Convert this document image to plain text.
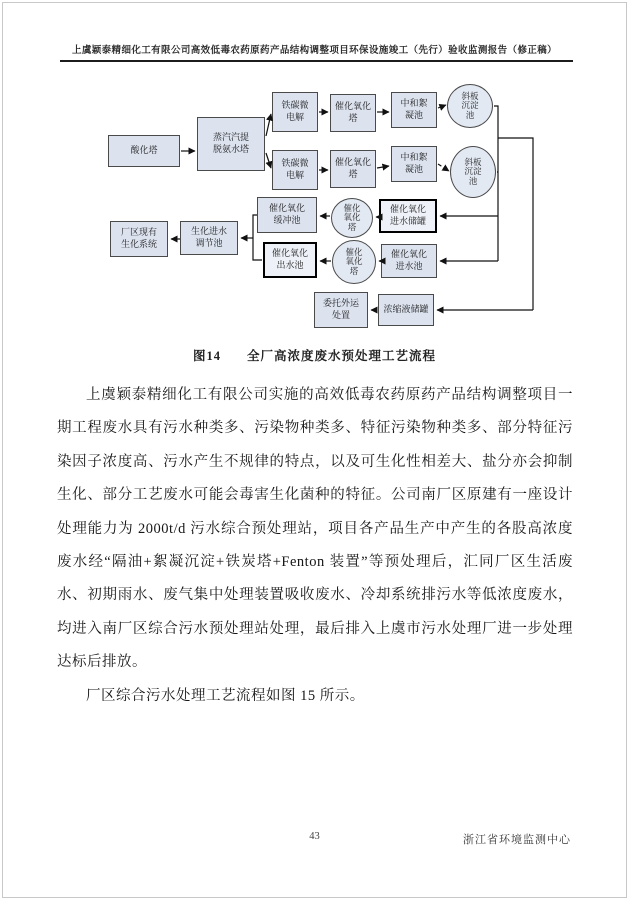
上虞颖泰精细化工有限公司高效低毒农药原药产品结构调整项目环保设施竣工（先行）验收监测报告（修正稿）
酸化塔
蒸汽汽提
脱氨水塔
铁碳微
电解
催化氧化
塔
中和絮
凝池
斜板
沉淀
池
铁碳微
电解
催化氧化
塔
中和絮
凝池
斜板
沉淀
池
厂区现有
生化系统
生化进水
调节池
催化氧化
缓冲池
催化氧化
出水池
催化
氧化
塔
催化
氧化
塔
催化氧化
进水储罐
催化氧化
进水池
委托外运
处置
浓缩液储罐
图14 全厂高浓度废水预处理工艺流程

上虞颖泰精细化工有限公司实施的高效低毒农药原药产品结构调整项目一期工程废水具有污水种类多、污染物种类多、特征污染物种类多、部分特征污染因子浓度高、污水产生不规律的特点，以及可生化性相差大、盐分亦会抑制生化、部分工艺废水可能会毒害生化菌种的特征。公司南厂区原建有一座设计处理能力为 2000t/d 污水综合预处理站，项目各产品生产中产生的各股高浓度废水经“隔油+絮凝沉淀+铁炭塔+Fenton 装置”等预处理后，汇同厂区生活废水、初期雨水、废气集中处理装置吸收废水、冷却系统排污水等低浓度废水，均进入南厂区综合污水预处理站处理，最后排入上虞市污水处理厂进一步处理达标后排放。

厂区综合污水处理工艺流程如图 15 所示。

43	浙江省环境监测中心
